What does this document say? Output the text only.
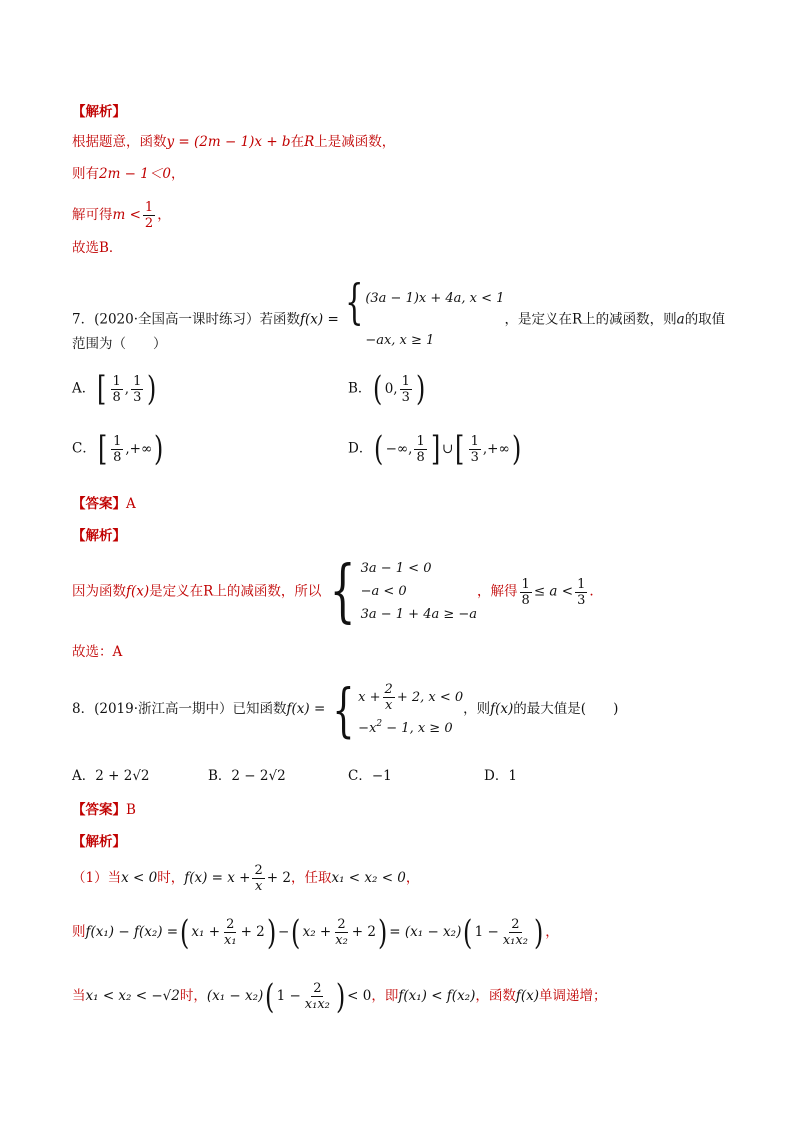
【解析】
根据题意，函数y = (2m − 1)x + b在R上是减函数，
则有2m − 1＜0，
解可得$m < \frac{1}{2}$ ，
故选B．
7．(2020·全国高一课时练习）若函数f(x) = { (3a − 1)x + 4a, x < 1
−ax, x ≥ 1
，是定义在R上的减函数，则a的取值
范围为（　　）
A．[ $\frac{1}{8}$ , $\frac{1}{3}$ )	B．( 0, $\frac{1}{3}$ )
C．[ $\frac{1}{8}$ ,+∞)	D．( −∞, $\frac{1}{8}$ ] ∪[ $\frac{1}{3}$ ,+∞)
【答案】A
【解析】
因为函数f(x)是定义在R上的减函数，所以 { 3a − 1 < 0
−a < 0
3a − 1 + 4a ≥ −a
，解得 $\frac{1}{8} \le a < \frac{1}{3}$ .
故选：A
8．(2019·浙江高一期中）已知函数f(x) = { $x + \frac{2}{x} + 2$, x < 0
$-x^2 - 1$, x ≥ 0
，则f(x)的最大值是(　　)
A．2 + 2√2	B．2 − 2√2	C．−1	D．1
【答案】B
【解析】
（1）当x < 0时，$f(x) = x + \frac{2}{x} + 2$，任取x₁ < x₂ < 0，
则f(x₁) − f(x₂) =( $x_1 + \frac{2}{\text{x₁}} + 2$) −( $x_2 + \frac{2}{\text{x₂}} + 2) = (x_1 - x_2)$( $1 - \frac{2}{\text{x₁x₂}}$ ) ，
当x₁ < x₂ < −√2时，(x₁ − x₂)( $1 - \frac{2}{\text{x₁x₂}}$ ) < 0，即f(x₁) < f(x₂)，函数f(x)单调递增；
